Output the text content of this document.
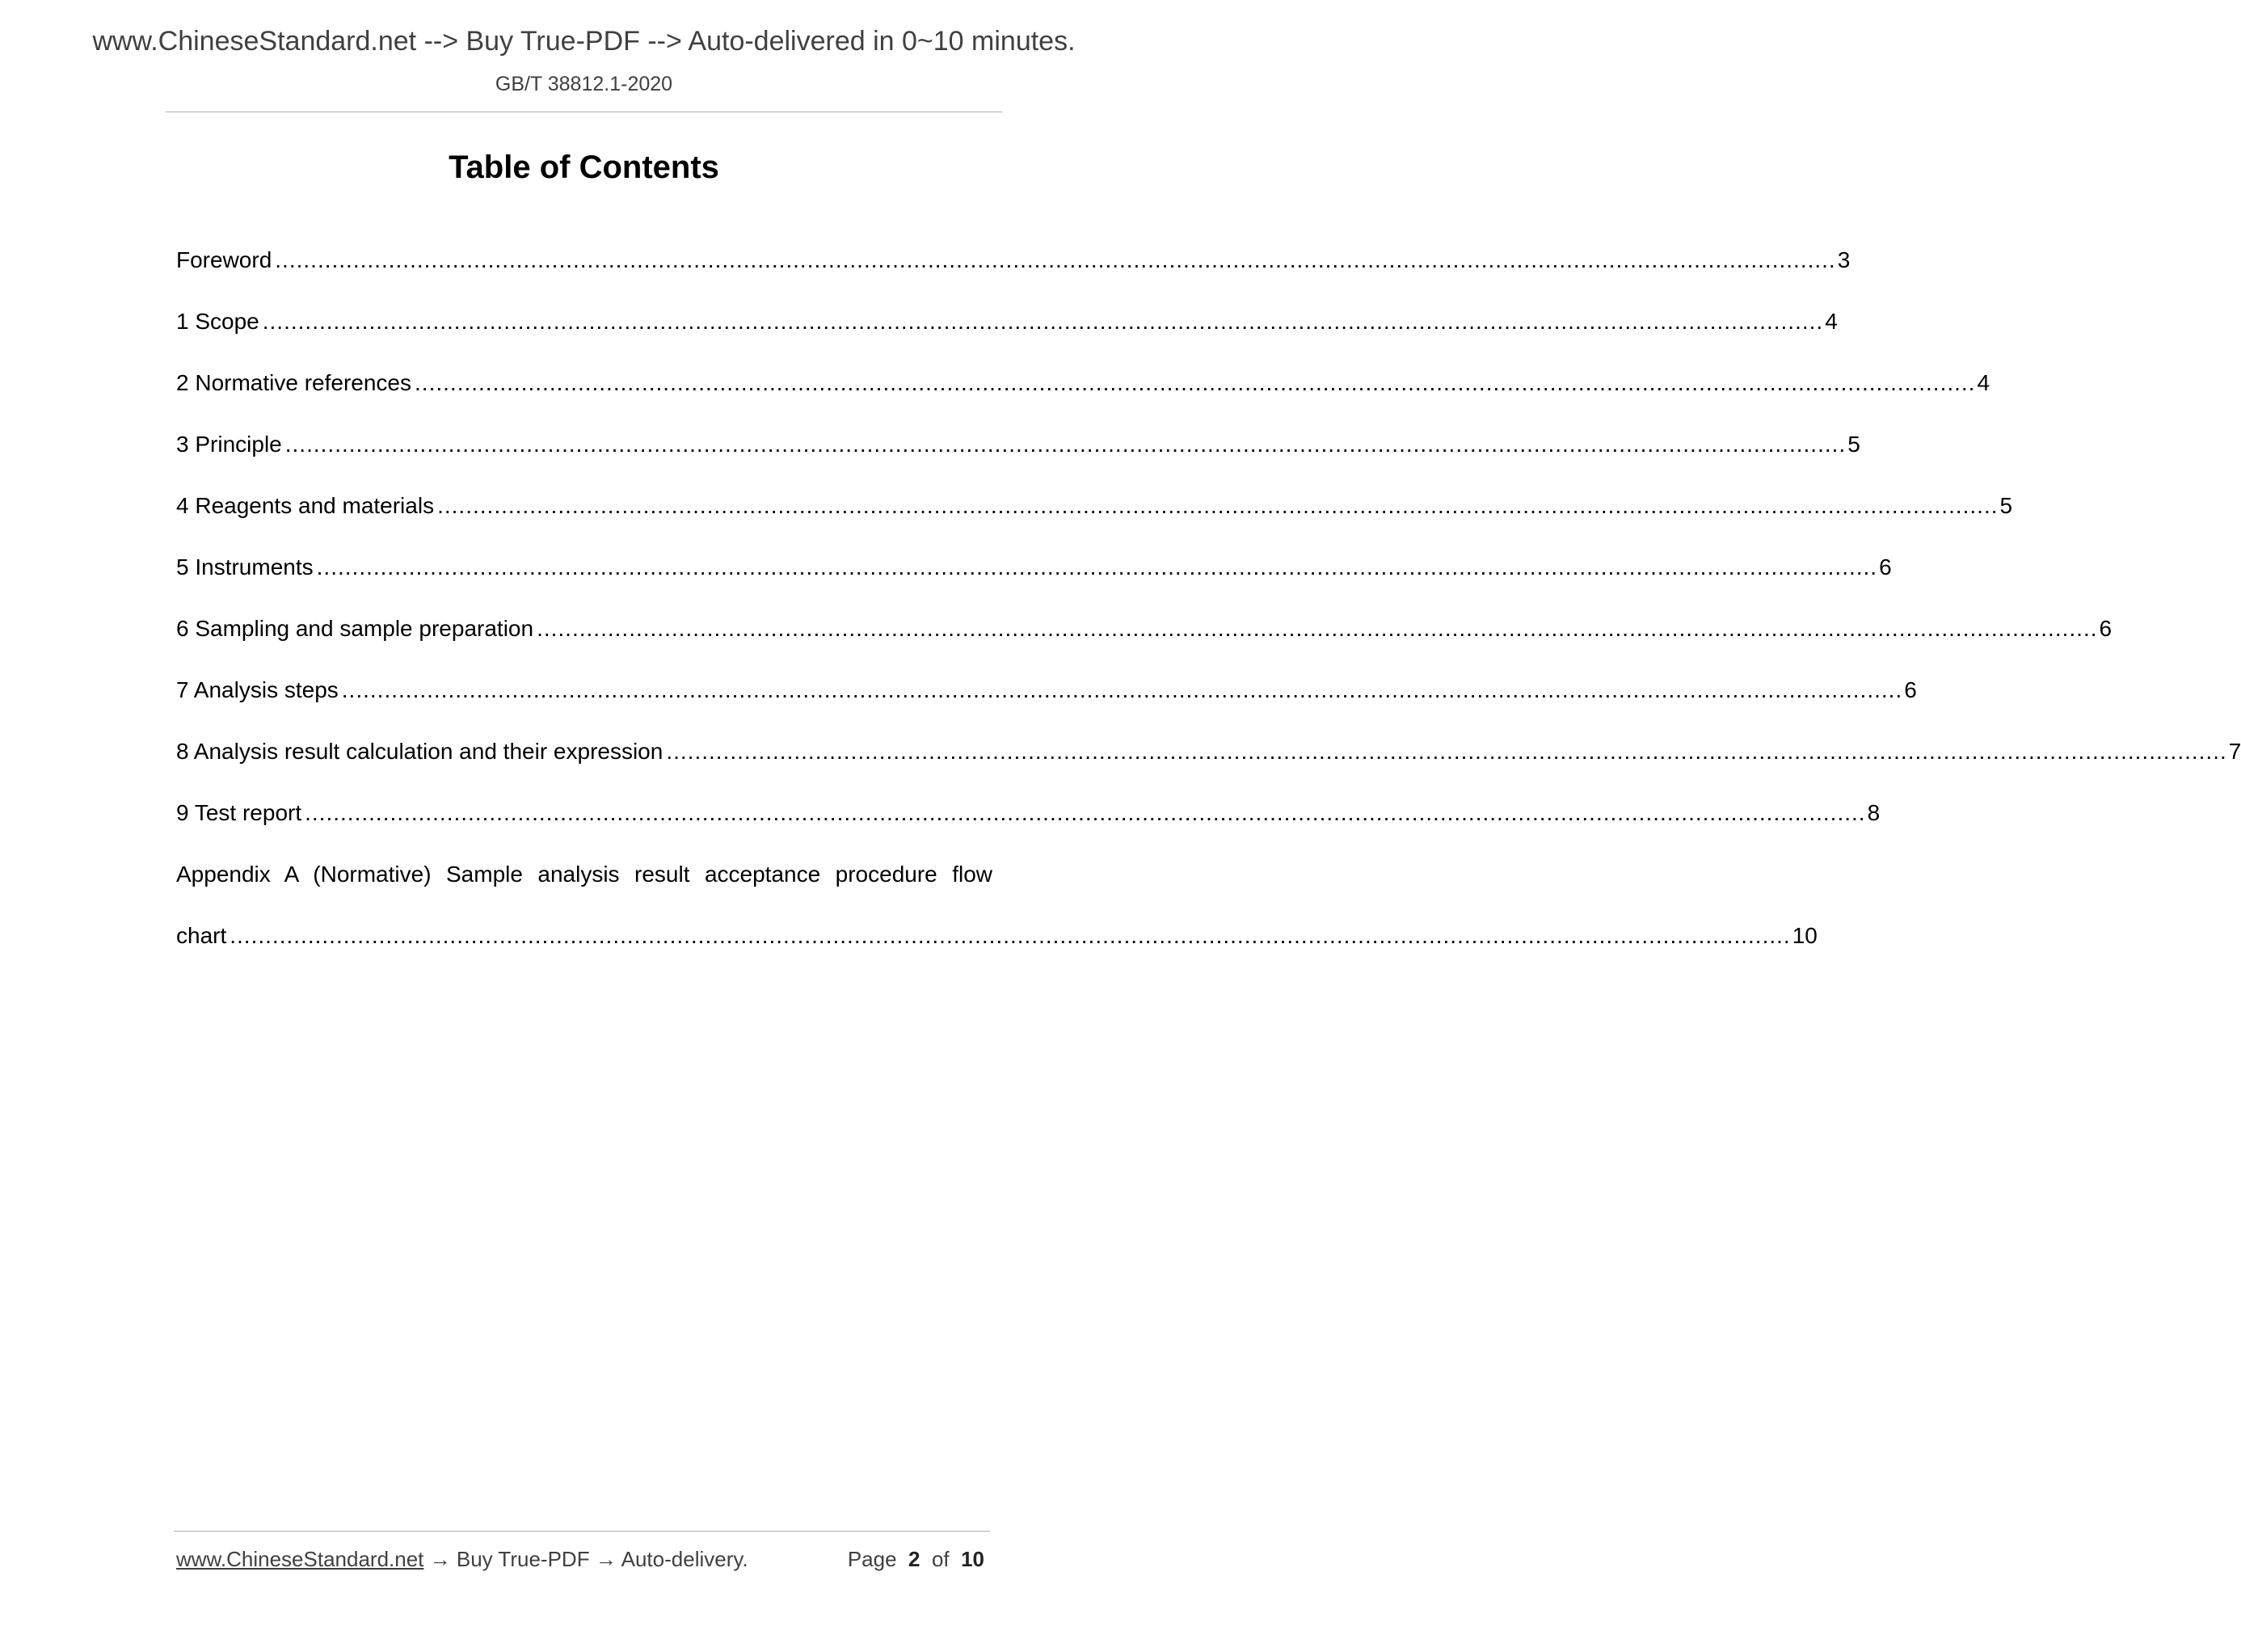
www.ChineseStandard.net --> Buy True-PDF --> Auto-delivered in 0~10 minutes.
GB/T 38812.1-2020
Table of Contents
Foreword ............................................................................................................................................................................................................................ 3
1 Scope ............................................................................................................................................................................................................................ 4
2 Normative references ............................................................................................................................................................................................................................ 4
3 Principle ............................................................................................................................................................................................................................ 5
4 Reagents and materials ............................................................................................................................................................................................................................ 5
5 Instruments ............................................................................................................................................................................................................................ 6
6 Sampling and sample preparation ............................................................................................................................................................................................................................ 6
7 Analysis steps ............................................................................................................................................................................................................................ 6
8 Analysis result calculation and their expression ............................................................................................................................................................................................................................ 7
9 Test report ............................................................................................................................................................................................................................ 8
Appendix A (Normative) Sample analysis result acceptance procedure flow
chart ............................................................................................................................................................................................................................ 10
www.ChineseStandard.net → Buy True-PDF → Auto-delivery.	Page 2 of 10
